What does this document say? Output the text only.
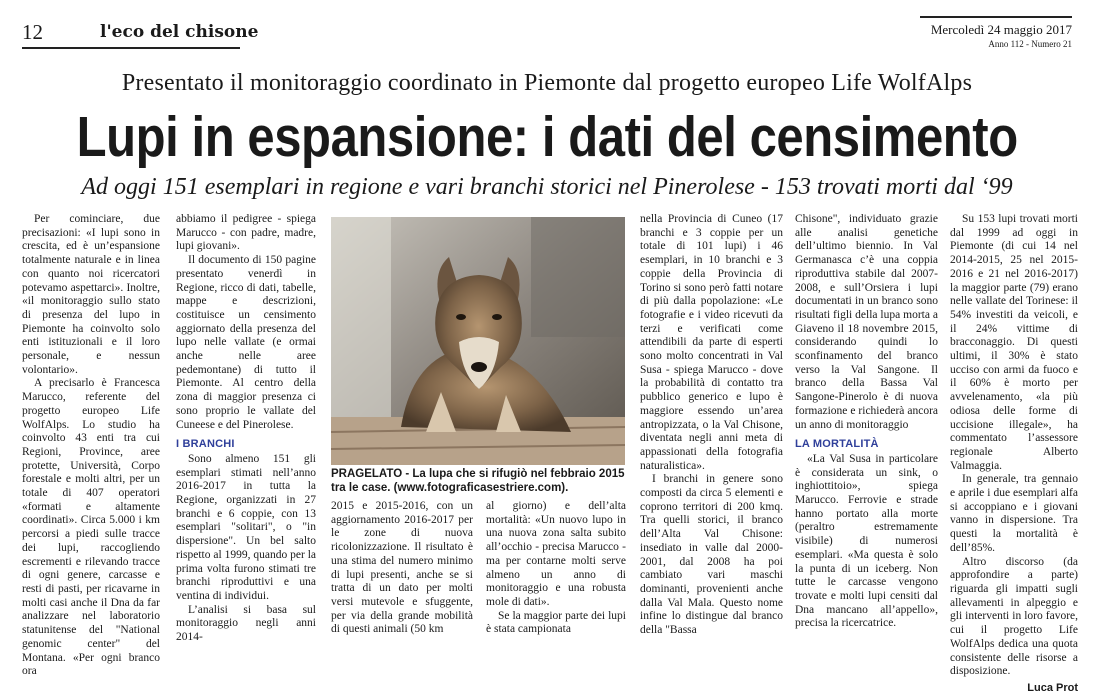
12	l'eco del chisone	Mercoledì 24 maggio 2017
Anno 112 - Numero 21
Presentato il monitoraggio coordinato in Piemonte dal progetto europeo Life WolfAlps
Lupi in espansione: i dati del censimento
Ad oggi 151 esemplari in regione e vari branchi storici nel Pinerolese - 153 trovati morti dal ‘99

Per cominciare, due precisazioni: «I lupi sono in crescita, ed è un’espansione totalmente naturale e in linea con quanto noi ricercatori potevamo aspettarci». Inoltre, «il monitoraggio sullo stato di presenza del lupo in Piemonte ha coinvolto solo enti istituzionali e il loro personale, e nessun volontario».

A precisarlo è Francesca Marucco, referente del progetto europeo Life WolfAlps. Lo studio ha coinvolto 43 enti tra cui Regioni, Province, aree protette, Università, Corpo forestale e molti altri, per un totale di 407 operatori «formati e altamente coordinati». Circa 5.000 i km percorsi a piedi sulle tracce dei lupi, raccogliendo escrementi e rilevando tracce di ogni genere, carcasse e resti di pasti, per ricavarne in molti casi anche il Dna da far analizzare nel laboratorio statunitense del "National genomic center" del Montana. «Per ogni branco ora

abbiamo il pedigree - spiega Marucco - con padre, madre, lupi giovani».

Il documento di 150 pagine presentato venerdì in Regione, ricco di dati, tabelle, mappe e descrizioni, costituisce un censimento aggiornato della presenza del lupo nelle vallate (e ormai anche nelle aree pedemontane) di tutto il Piemonte. Al centro della zona di maggior presenza ci sono proprio le vallate del Cuneese e del Pinerolese.

I BRANCHI

Sono almeno 151 gli esemplari stimati nell’anno 2016-2017 in tutta la Regione, organizzati in 27 branchi e 6 coppie, con 13 esemplari "solitari", o "in dispersione". Un bel salto rispetto al 1999, quando per la prima volta furono stimati tre branchi riproduttivi e una ventina di individui.

L’analisi si basa sul monitoraggio negli anni 2014-

PRAGELATO - La lupa che si rifugiò nel febbraio 2015 tra le case. (www.fotograficasestriere.com).

2015 e 2015-2016, con un aggiornamento 2016-2017 per le zone di nuova ricolonizzazione. Il risultato è una stima del numero minimo di lupi presenti, anche se si tratta di un dato per molti versi mutevole e sfuggente, per via della grande mobilità di questi animali (50 km

al giorno) e dell’alta mortalità: «Un nuovo lupo in una nuova zona salta subito all’occhio - precisa Marucco - ma per contarne molti serve almeno un anno di monitoraggio e una robusta mole di dati».

Se la maggior parte dei lupi è stata campionata

nella Provincia di Cuneo (17 branchi e 3 coppie per un totale di 101 lupi) i 46 esemplari, in 10 branchi e 3 coppie della Provincia di Torino si sono però fatti notare di più dalla popolazione: «Le fotografie e i video ricevuti da terzi e verificati come attendibili da parte di esperti sono molto concentrati in Val Susa - spiega Marucco - dove la probabilità di contatto tra pubblico generico e lupo è maggiore essendo un’area antropizzata, o la Val Chisone, diventata negli anni meta di appassionati della fotografia naturalistica».

I branchi in genere sono composti da circa 5 elementi e coprono territori di 200 kmq. Tra quelli storici, il branco dell’Alta Val Chisone: insediato in valle dal 2000-2001, dal 2008 ha poi cambiato vari maschi dominanti, provenienti anche dalla Val Mala. Questo nome infine lo distingue dal branco della "Bassa

Chisone", individuato grazie alle analisi genetiche dell’ultimo biennio. In Val Germanasca c’è una coppia riproduttiva stabile dal 2007-2008, e sull’Orsiera i lupi documentati in un branco sono risultati figli della lupa morta a Giaveno il 18 novembre 2015, considerando quindi lo sconfinamento del branco verso la Val Sangone. Il branco della Bassa Val Sangone-Pinerolo è di nuova formazione e richiederà ancora un anno di monitoraggio

LA MORTALITÀ

«La Val Susa in particolare è considerata un sink, o inghiottitoio», spiega Marucco. Ferrovie e strade hanno portato alla morte (peraltro estremamente visibile) di numerosi esemplari. «Ma questa è solo la punta di un iceberg. Non tutte le carcasse vengono trovate e molti lupi censiti dal Dna mancano all’appello», precisa la ricercatrice.

Su 153 lupi trovati morti dal 1999 ad oggi in Piemonte (di cui 14 nel 2014-2015, 25 nel 2015-2016 e 21 nel 2016-2017) la maggior parte (79) erano nelle vallate del Torinese: il 54% investiti da veicoli, e il 24% vittime di bracconaggio. Di questi ultimi, il 30% è stato ucciso con armi da fuoco e il 60% è morto per avvelenamento, «la più odiosa delle forme di uccisione illegale», ha commentato l’assessore regionale Alberto Valmaggia.

In generale, tra gennaio e aprile i due esemplari alfa si accoppiano e i giovani vanno in dispersione. Tra questi la mortalità è dell’85%.

Altro discorso (da approfondire a parte) riguarda gli impatti sugli allevamenti in alpeggio e gli interventi in loro favore, cui il progetto Life WolfAlps dedica una quota consistente delle risorse a disposizione.

Luca Prot
